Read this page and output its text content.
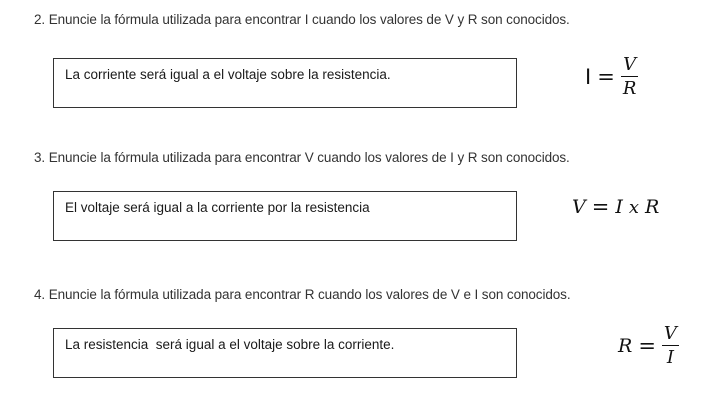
2. Enuncie la fórmula utilizada para encontrar I cuando los valores de V y R son conocidos.
La corriente será igual a el voltaje sobre la resistencia.	$I = \frac{V}{R}$
3. Enuncie la fórmula utilizada para encontrar V cuando los valores de I y R son conocidos.
El voltaje será igual a la corriente por la resistencia	V = I x R
4. Enuncie la fórmula utilizada para encontrar R cuando los valores de V e I son conocidos.
La resistencia  será igual a el voltaje sobre la corriente.	$R = \frac{V}{I}$
